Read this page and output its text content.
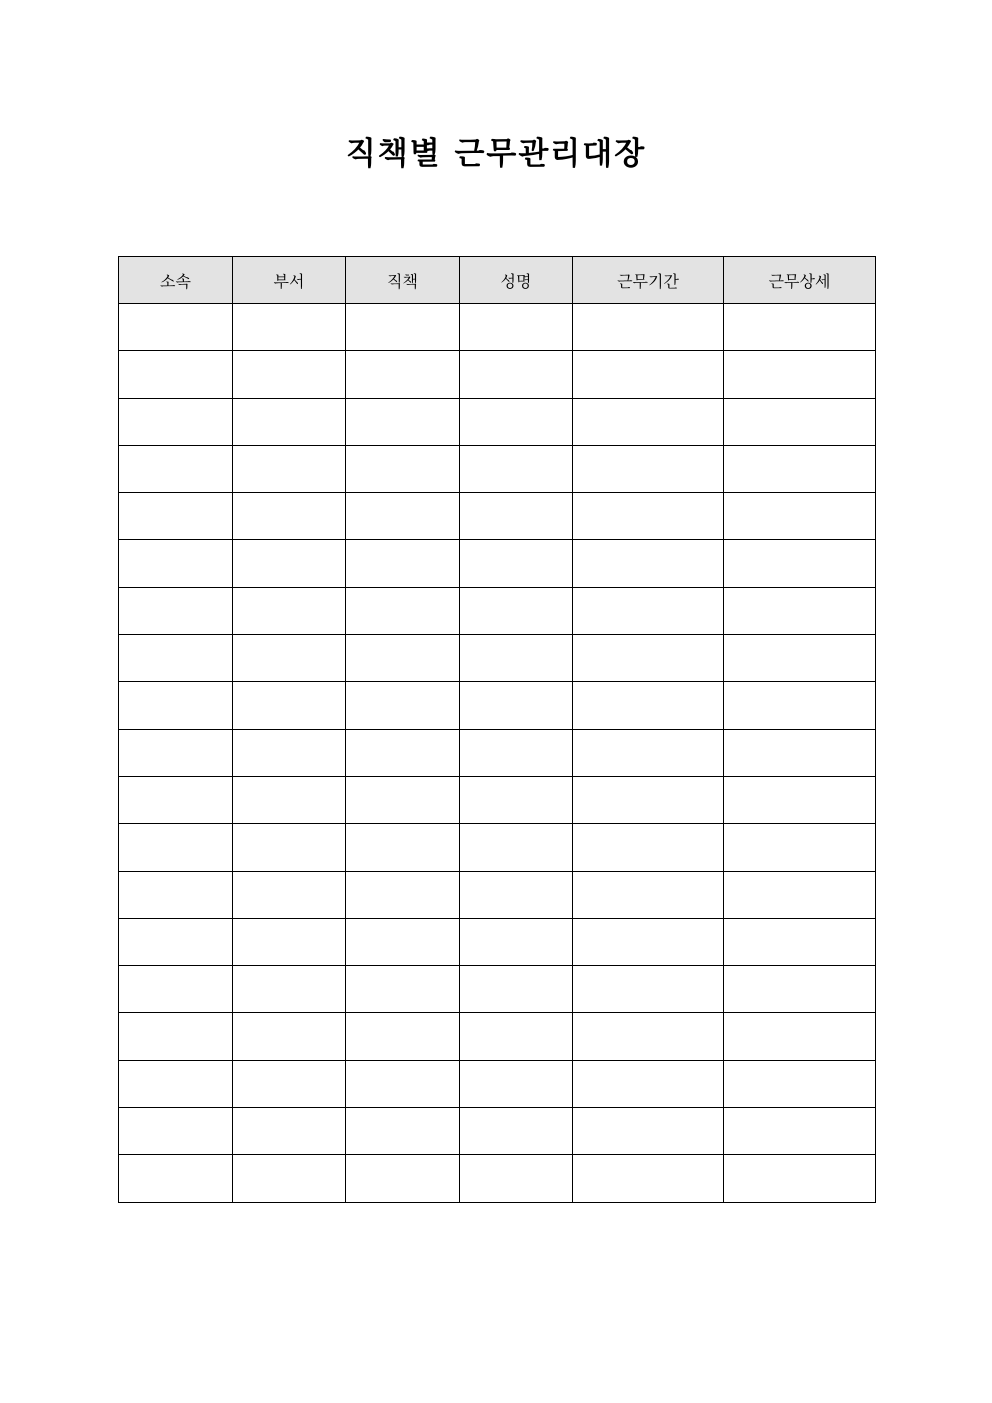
직책별 근무관리대장
소속	부서	직책	성명	근무기간	근무상세
